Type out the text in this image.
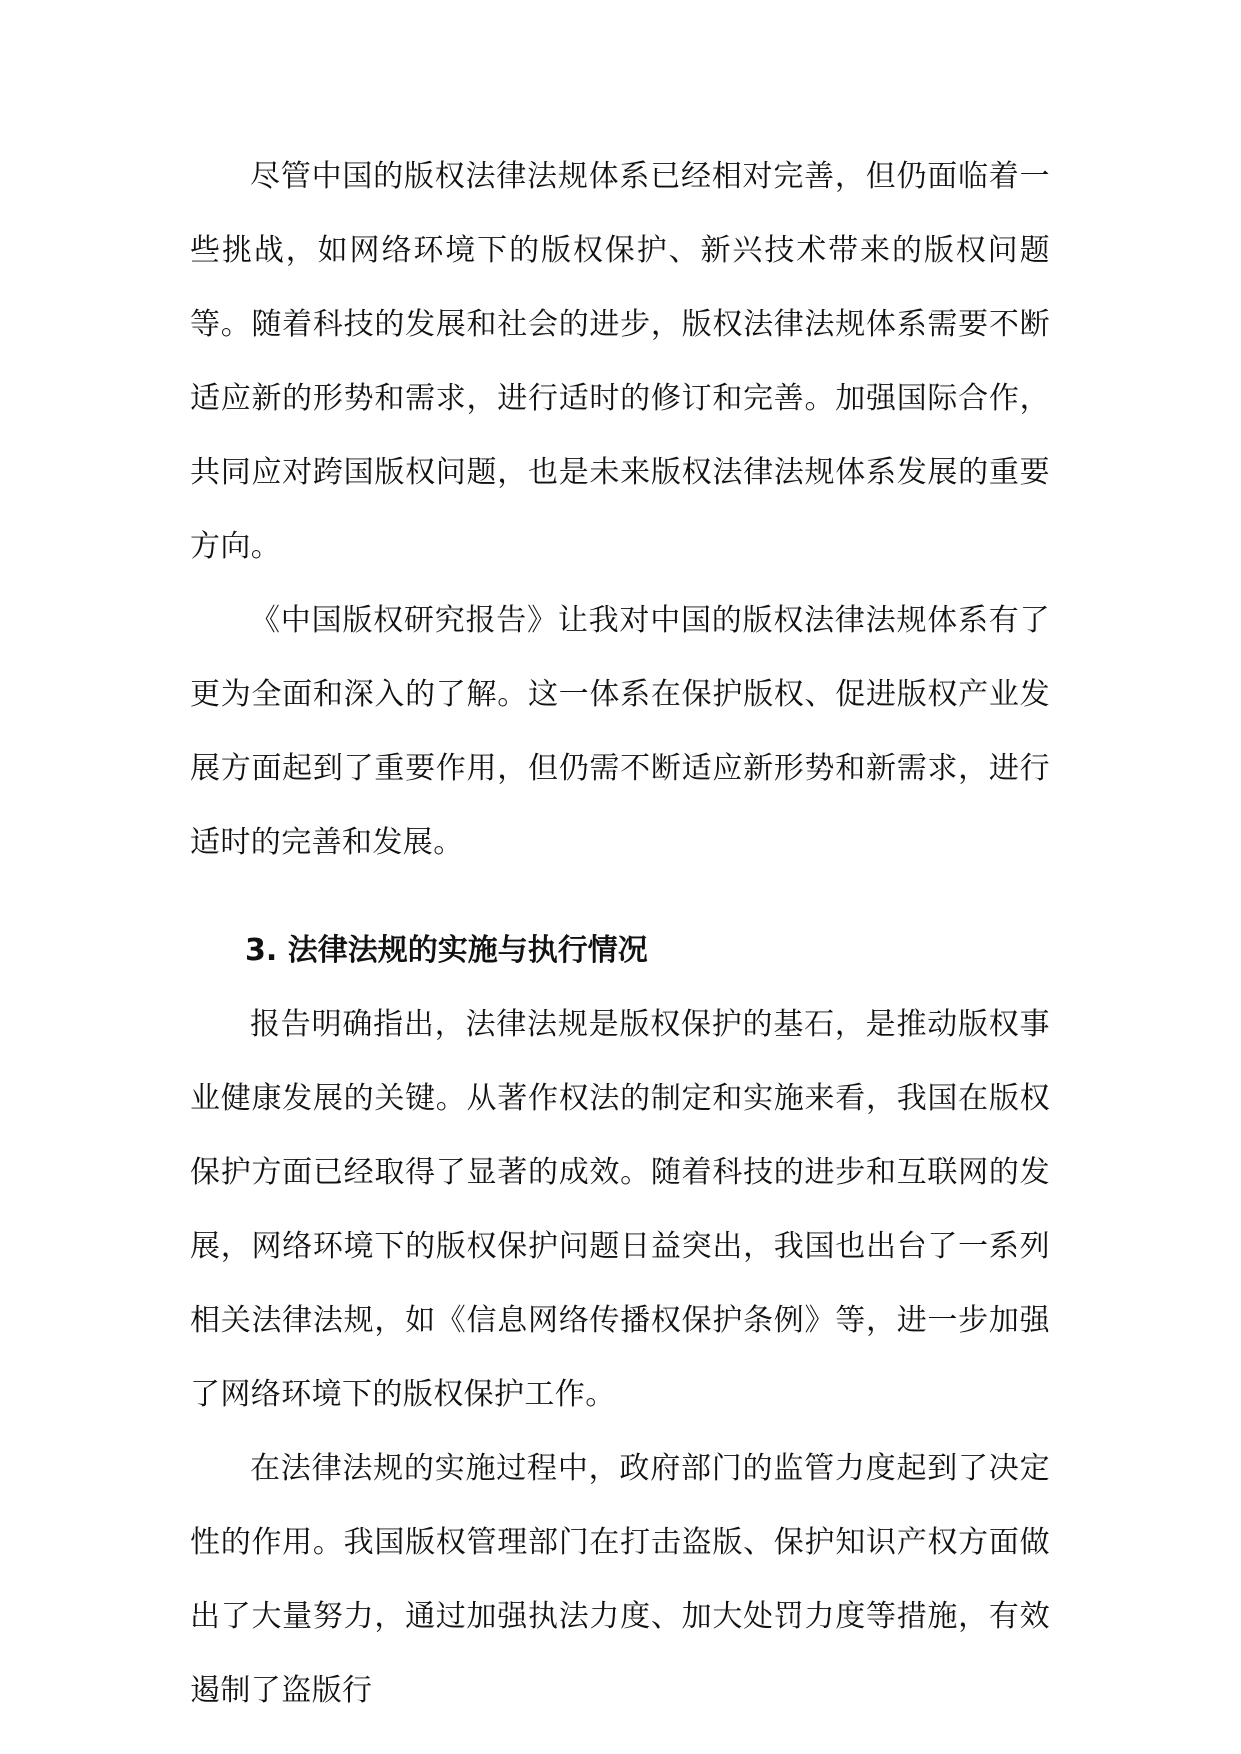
尽管中国的版权法律法规体系已经相对完善，但仍面临着一些挑战，如网络环境下的版权保护、新兴技术带来的版权问题等。随着科技的发展和社会的进步，版权法律法规体系需要不断适应新的形势和需求，进行适时的修订和完善。加强国际合作，共同应对跨国版权问题，也是未来版权法律法规体系发展的重要方向。

《中国版权研究报告》让我对中国的版权法律法规体系有了更为全面和深入的了解。这一体系在保护版权、促进版权产业发展方面起到了重要作用，但仍需不断适应新形势和新需求，进行适时的完善和发展。

3. 法律法规的实施与执行情况

报告明确指出，法律法规是版权保护的基石，是推动版权事业健康发展的关键。从著作权法的制定和实施来看，我国在版权保护方面已经取得了显著的成效。随着科技的进步和互联网的发展，网络环境下的版权保护问题日益突出，我国也出台了一系列相关法律法规，如《信息网络传播权保护条例》等，进一步加强了网络环境下的版权保护工作。

在法律法规的实施过程中，政府部门的监管力度起到了决定性的作用。我国版权管理部门在打击盗版、保护知识产权方面做出了大量努力，通过加强执法力度、加大处罚力度等措施，有效遏制了盗版行
